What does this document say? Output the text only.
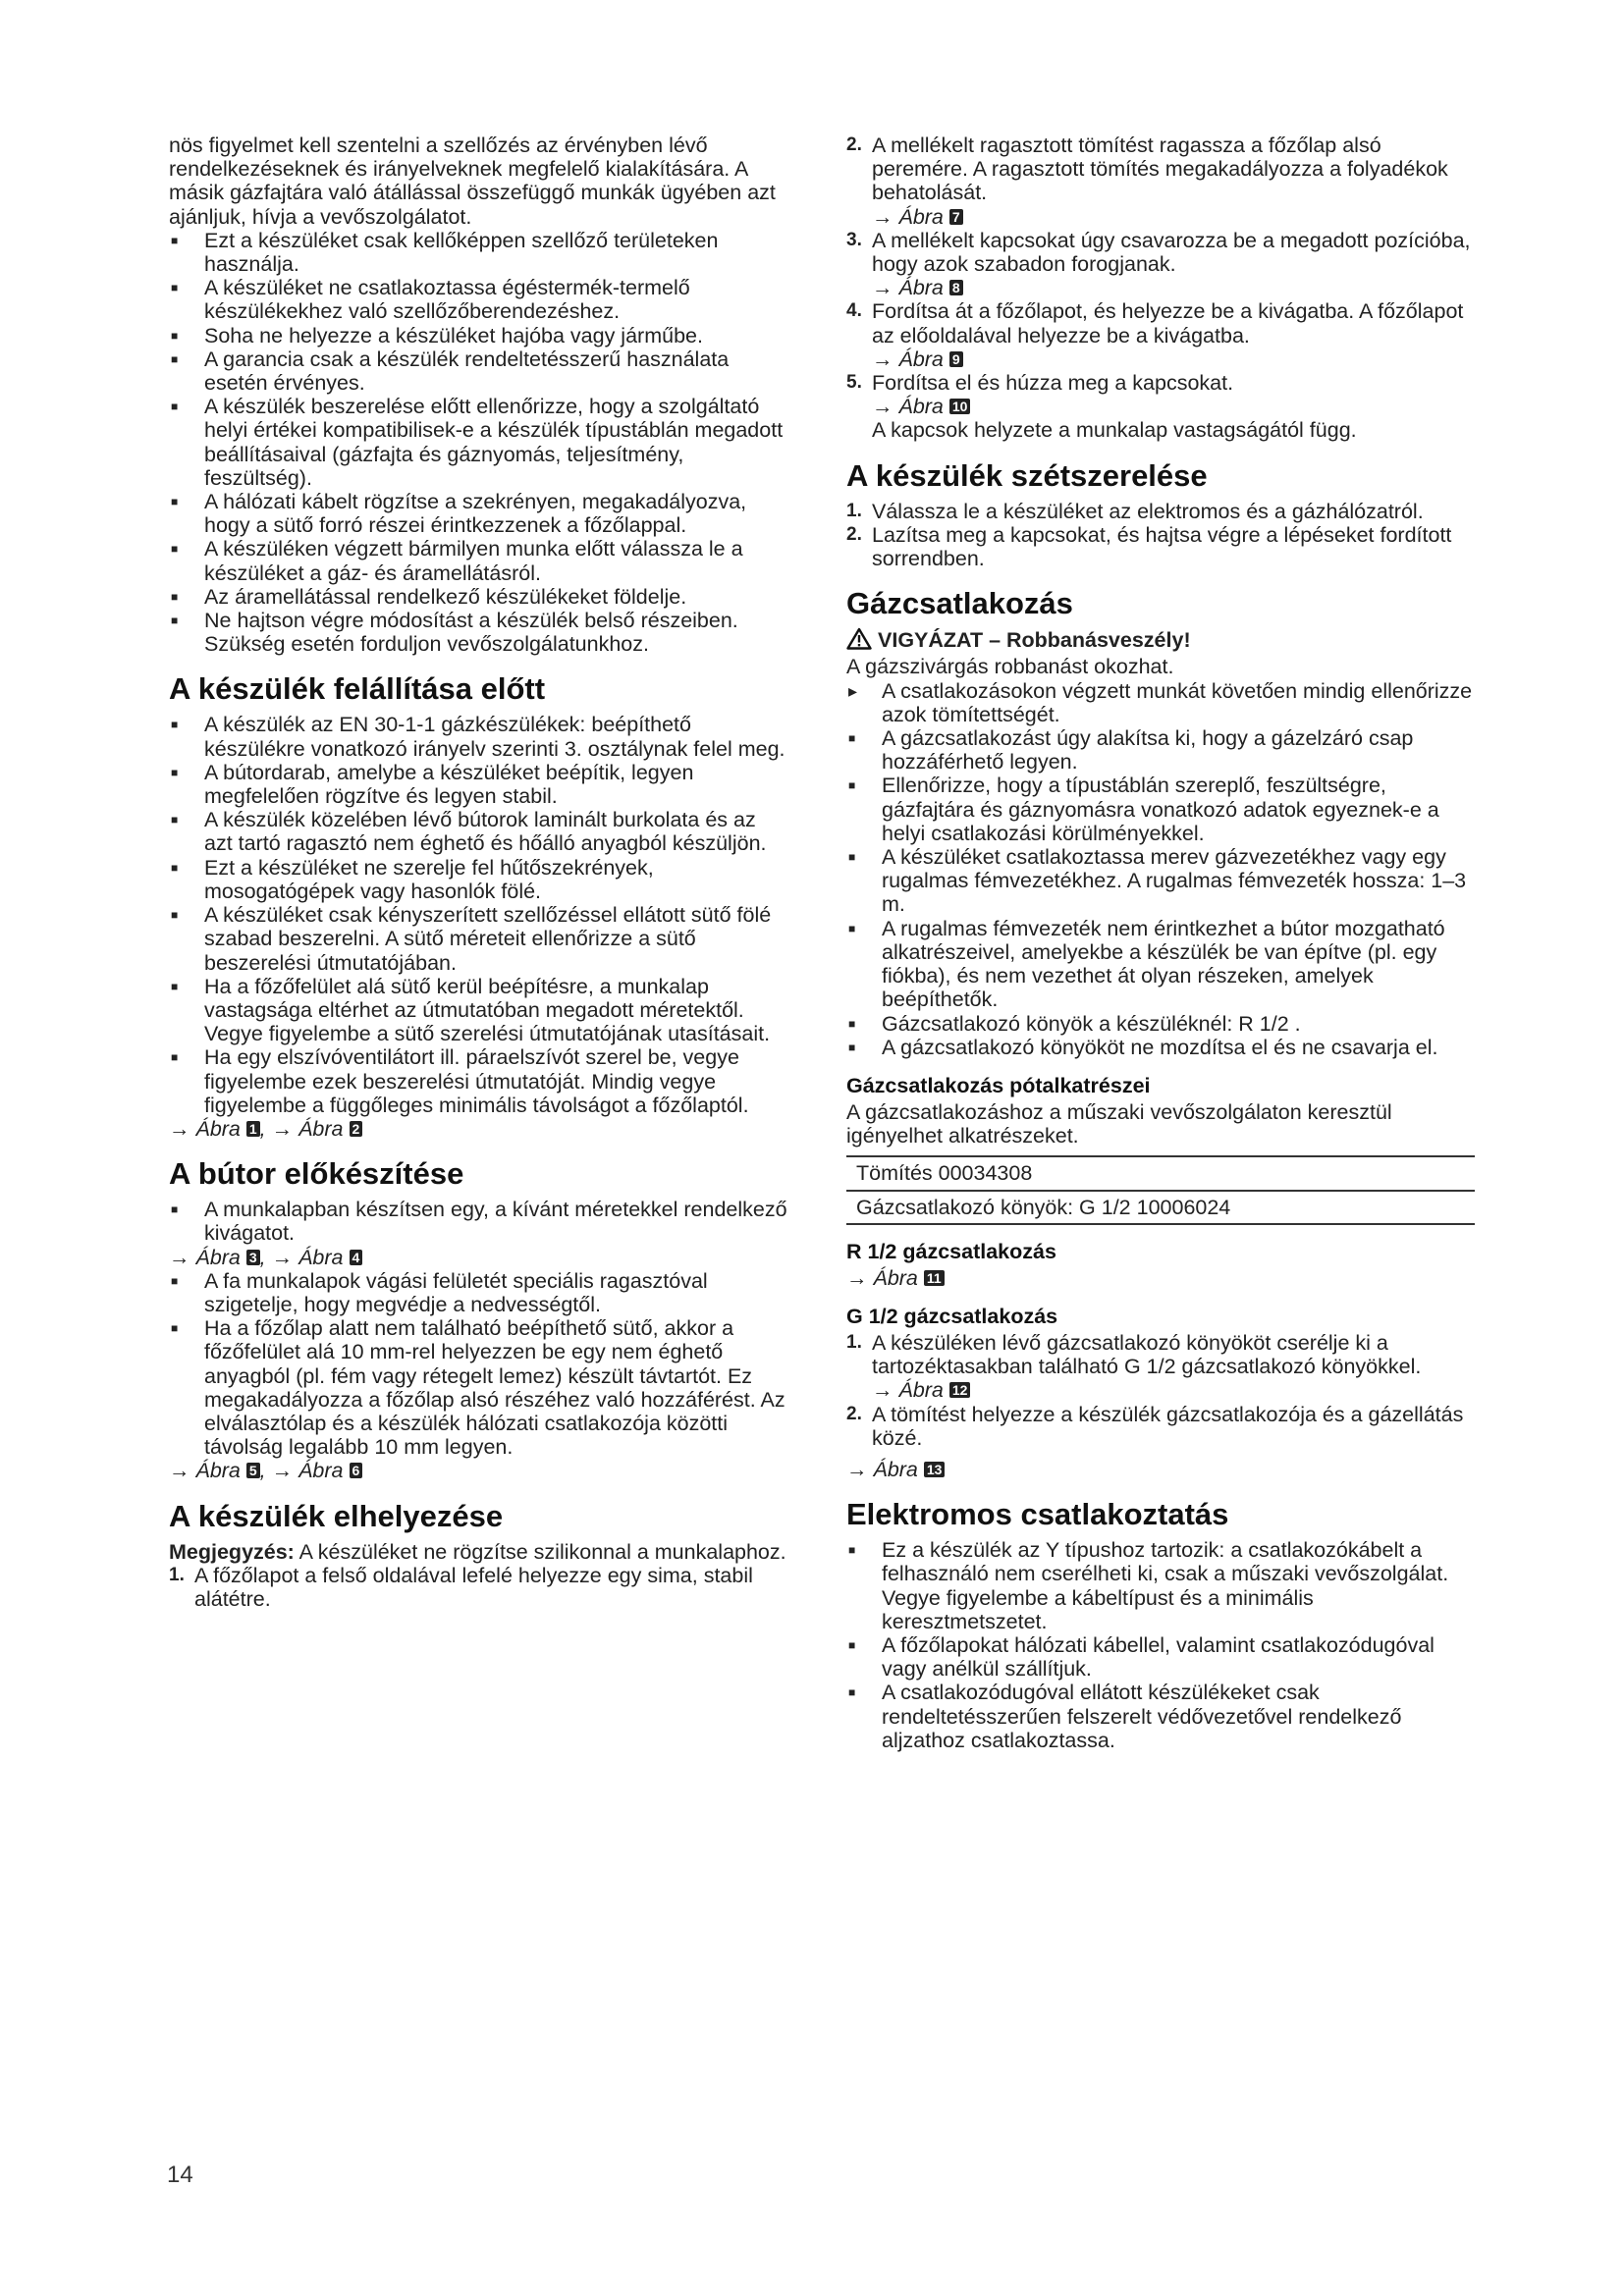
nös figyelmet kell szentelni a szellőzés az érvényben lévő rendelkezéseknek és irányelveknek megfelelő kialakítására. A másik gázfajtára való átállással összefüggő munkák ügyében azt ajánljuk, hívja a vevőszolgálatot.

■ Ezt a készüléket csak kellőképpen szellőző területeken használja.
■ A készüléket ne csatlakoztassa égéstermék-termelő készülékekhez való szellőzőberendezéshez.
■ Soha ne helyezze a készüléket hajóba vagy járműbe.
■ A garancia csak a készülék rendeltetésszerű használata esetén érvényes.
■ A készülék beszerelése előtt ellenőrizze, hogy a szolgáltató helyi értékei kompatibilisek-e a készülék típustáblán megadott beállításaival (gázfajta és gáznyomás, teljesítmény, feszültség).
■ A hálózati kábelt rögzítse a szekrényen, megakadályozva, hogy a sütő forró részei érintkezzenek a főzőlappal.
■ A készüléken végzett bármilyen munka előtt válassza le a készüléket a gáz- és áramellátásról.
■ Az áramellátással rendelkező készülékeket földelje.
■ Ne hajtson végre módosítást a készülék belső részeiben. Szükség esetén forduljon vevőszolgálatunkhoz.
A készülék felállítása előtt
■ A készülék az EN 30-1-1 gázkészülékek: beépíthető készülékre vonatkozó irányelv szerinti 3. osztálynak felel meg.
■ A bútordarab, amelybe a készüléket beépítik, legyen megfelelően rögzítve és legyen stabil.
■ A készülék közelében lévő bútorok laminált burkolata és az azt tartó ragasztó nem éghető és hőálló anyagból készüljön.
■ Ezt a készüléket ne szerelje fel hűtőszekrények, mosogatógépek vagy hasonlók fölé.
■ A készüléket csak kényszerített szellőzéssel ellátott sütő fölé szabad beszerelni. A sütő méreteit ellenőrizze a sütő beszerelési útmutatójában.
■ Ha a főzőfelület alá sütő kerül beépítésre, a munkalap vastagsága eltérhet az útmutatóban megadott méretektől. Vegye figyelembe a sütő szerelési útmutatójának utasításait.
■ Ha egy elszívóventilátort ill. páraelszívót szerel be, vegye figyelembe ezek beszerelési útmutatóját. Mindig vegye figyelembe a függőleges minimális távolságot a főzőlaptól.

→ Ábra 1 , → Ábra 2

A bútor előkészítése
■ A munkalapban készítsen egy, a kívánt méretekkel rendelkező kivágatot.

→ Ábra 3 , → Ábra 4

■ A fa munkalapok vágási felületét speciális ragasztóval szigetelje, hogy megvédje a nedvességtől.
■ Ha a főzőlap alatt nem található beépíthető sütő, akkor a főzőfelület alá 10 mm-rel helyezzen be egy nem éghető anyagból (pl. fém vagy rétegelt lemez) készült távtartót. Ez megakadályozza a főzőlap alsó részéhez való hozzáférést. Az elválasztólap és a készülék hálózati csatlakozója közötti távolság legalább 10 mm legyen.

→ Ábra 5 , → Ábra 6

A készülék elhelyezése

Megjegyzés: A készüléket ne rögzítse szilikonnal a munkalaphoz.

1. A főzőlapot a felső oldalával lefelé helyezze egy sima, stabil alátétre.
2. A mellékelt ragasztott tömítést ragassza a főzőlap alsó peremére. A ragasztott tömítés megakadályozza a folyadékok behatolását.
→ Ábra 7
3. A mellékelt kapcsokat úgy csavarozza be a megadott pozícióba, hogy azok szabadon forogjanak.
→ Ábra 8
4. Fordítsa át a főzőlapot, és helyezze be a kivágatba. A főzőlapot az előoldalával helyezze be a kivágatba.
→ Ábra 9
5. Fordítsa el és húzza meg a kapcsokat.
→ Ábra 10
A kapcsok helyzete a munkalap vastagságától függ.
A készülék szétszerelése
1. Válassza le a készüléket az elektromos és a gázhálózatról.
2. Lazítsa meg a kapcsokat, és hajtsa végre a lépéseket fordított sorrendben.
Gázcsatlakozás
VIGYÁZAT – Robbanásveszély!

A gázszivárgás robbanást okozhat.

▸ A csatlakozásokon végzett munkát követően mindig ellenőrizze azok tömítettségét.
■ A gázcsatlakozást úgy alakítsa ki, hogy a gázelzáró csap hozzáférhető legyen.
■ Ellenőrizze, hogy a típustáblán szereplő, feszültségre, gázfajtára és gáznyomásra vonatkozó adatok egyeznek-e a helyi csatlakozási körülményekkel.
■ A készüléket csatlakoztassa merev gázvezetékhez vagy egy rugalmas fémvezetékhez. A rugalmas fémvezeték hossza: 1–3 m.
■ A rugalmas fémvezeték nem érintkezhet a bútor mozgatható alkatrészeivel, amelyekbe a készülék be van építve (pl. egy fiókba), és nem vezethet át olyan részeken, amelyek beépíthetők.
■ Gázcsatlakozó könyök a készüléknél: R 1/2 .
■ A gázcsatlakozó könyököt ne mozdítsa el és ne csavarja el.
Gázcsatlakozás pótalkatrészei

A gázcsatlakozáshoz a műszaki vevőszolgálaton keresztül igényelhet alkatrészeket.

Tömítés 00034308
Gázcsatlakozó könyök: G 1/2 10006024
R 1/2 gázcsatlakozás

→ Ábra 11

G 1/2 gázcsatlakozás
1. A készüléken lévő gázcsatlakozó könyököt cserélje ki a tartozéktasakban található G 1/2 gázcsatlakozó könyökkel.
→ Ábra 12
2. A tömítést helyezze a készülék gázcsatlakozója és a gázellátás közé.

→ Ábra 13

Elektromos csatlakoztatás
■ Ez a készülék az Y típushoz tartozik: a csatlakozókábelt a felhasználó nem cserélheti ki, csak a műszaki vevőszolgálat. Vegye figyelembe a kábeltípust és a minimális keresztmetszetet.
■ A főzőlapokat hálózati kábellel, valamint csatlakozódugóval vagy anélkül szállítjuk.
■ A csatlakozódugóval ellátott készülékeket csak rendeltetésszerűen felszerelt védővezetővel rendelkező aljzathoz csatlakoztassa.
14
